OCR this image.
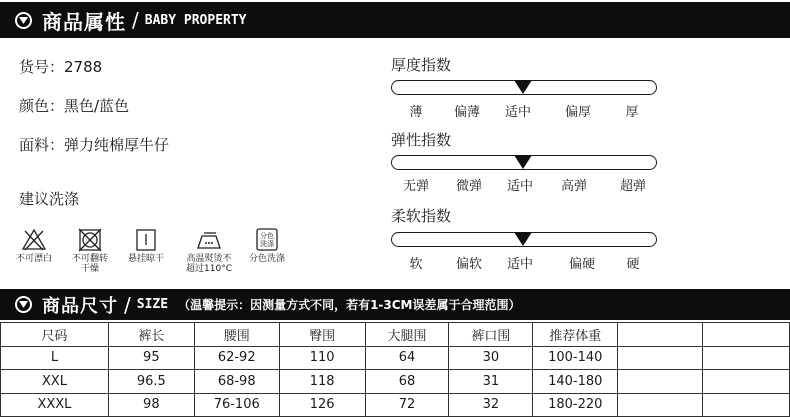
商品属性 / BABY PROPERTY
货号：2788
颜色：黑色/蓝色
面料：弹力纯棉厚牛仔
建议洗涤
不可漂白	不可翻转
干燥
悬挂晾干	高温熨烫不
超过110°C
分色
洗涤
分色洗涤
厚度指数
薄 偏薄 适中	偏厚	厚
弹性指数
无弹 微弹 适中 高弹	超弹
柔软指数
软	偏软 适中	偏硬 硬
商品尺寸 / SIZE （温馨提示：因测量方式不同，若有1-3CM误差属于合理范围）
尺码	裤长	腰围	臀围	大腿围	裤口围	推荐体重		
L	95	62-92	110	64	30	100-140		
XXL	96.5	68-98	118	68	31	140-180		
XXXL	98	76-106	126	72	32	180-220		
